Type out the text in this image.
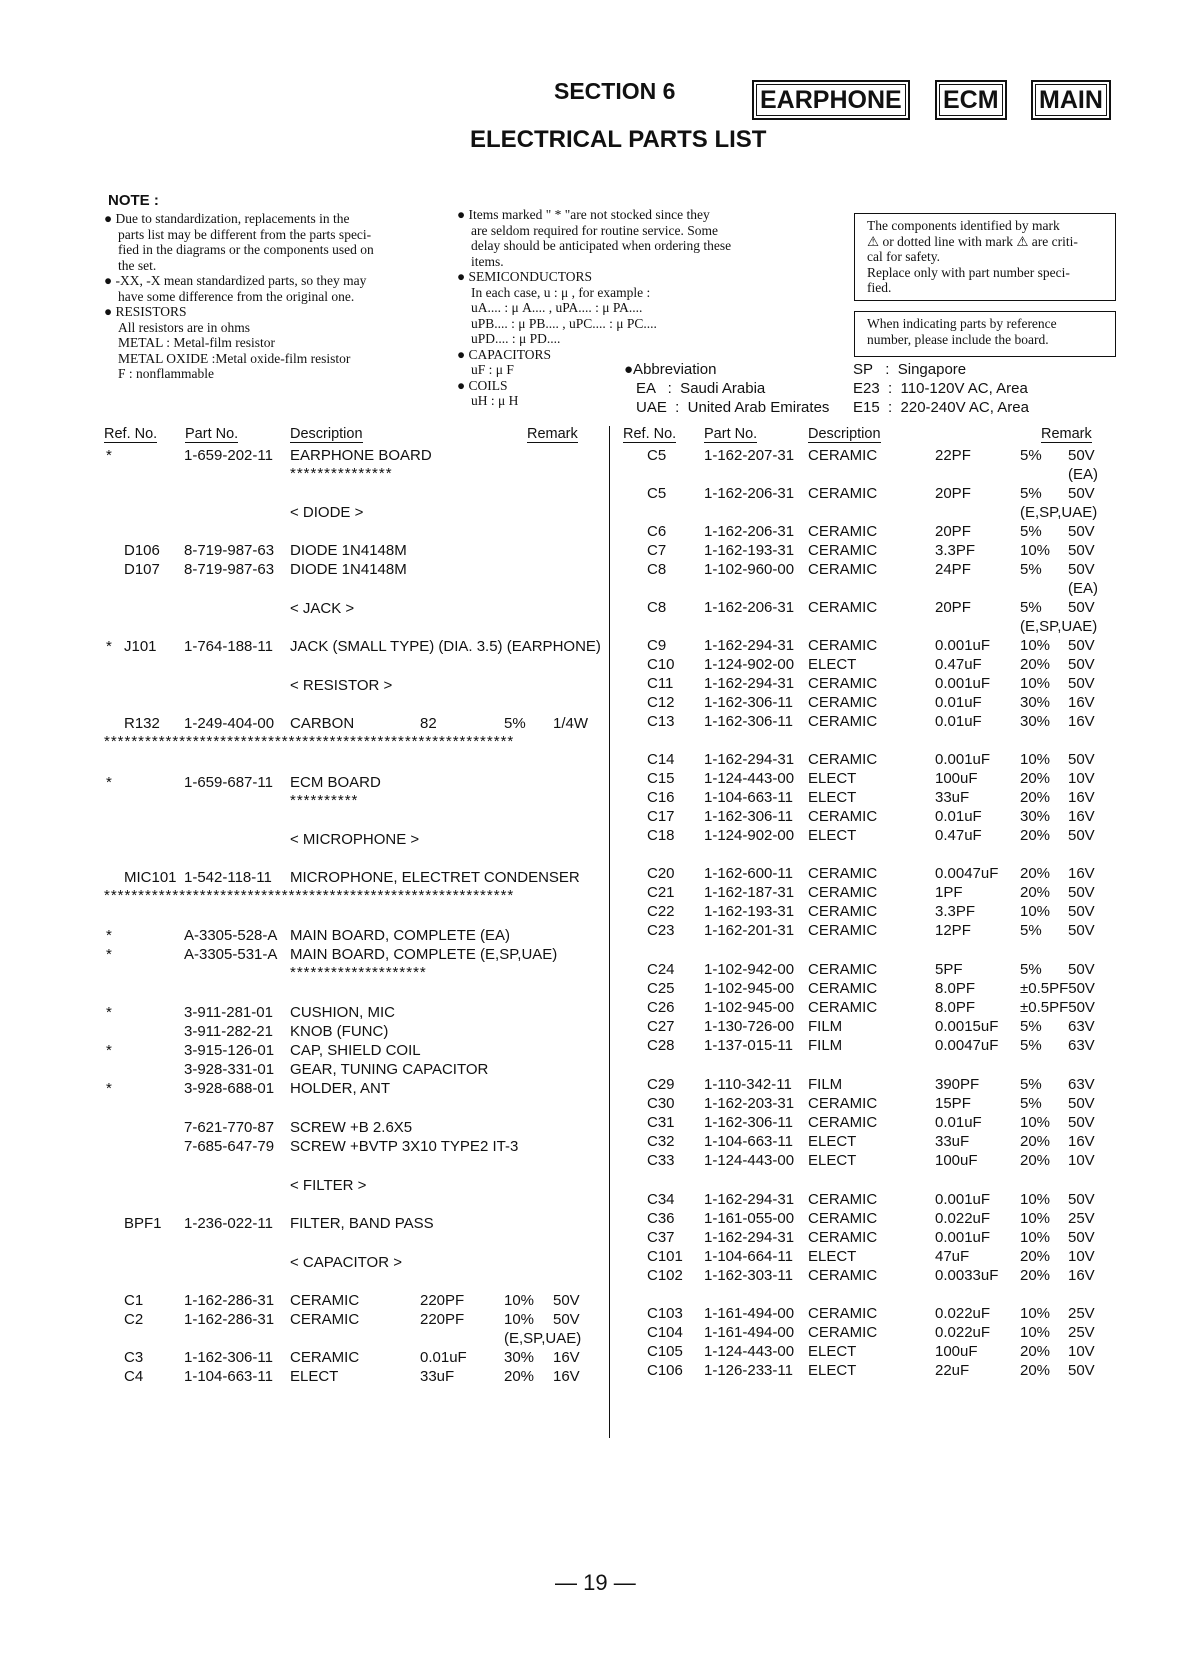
SECTION 6
ELECTRICAL PARTS LIST
EARPHONE	ECM	MAIN
NOTE :
● Due to standardization, replacements in the
parts list may be different from the parts speci-
fied in the diagrams or the components used on
the set.
● -XX, -X mean standardized parts, so they may
have some difference from the original one.
● RESISTORS
All resistors are in ohms
METAL : Metal-film resistor
METAL OXIDE :Metal oxide-film resistor
F : nonflammable
● Items marked " * "are not stocked since they
are seldom required for routine service. Some
delay should be anticipated when ordering these
items.
● SEMICONDUCTORS
In each case, u : μ , for example :
uA.... : μ A.... , uPA.... : μ PA....
uPB.... : μ PB.... , uPC.... : μ PC....
uPD.... : μ PD....
● CAPACITORS
uF : μ F
● COILS
uH : μ H
The components identified by mark
⚠ or dotted line with mark ⚠ are criti-
cal for safety.
Replace only with part number speci-
fied.
When indicating parts by reference
number, please include the board.
●Abbreviation
EA   :  Saudi Arabia
UAE  :  United Arab Emirates
SP   :  Singapore
E23  :  110-120V AC, Area
E15  :  220-240V AC, Area
Ref. No. Part No.	Description	Remark	Ref. No. Part No.	Description	Remark
*	1-659-202-11 EARPHONE BOARD
***************
< DIODE >
D106 8-719-987-63 DIODE 1N4148M
D107 8-719-987-63 DIODE 1N4148M
< JACK >
* J101 1-764-188-11 JACK (SMALL TYPE) (DIA. 3.5) (EARPHONE)
< RESISTOR >
R132 1-249-404-00 CARBON	82	5% 1/4W
************************************************************
*	1-659-687-11 ECM BOARD
**********
< MICROPHONE >
MIC101 1-542-118-11 MICROPHONE, ELECTRET CONDENSER
************************************************************
*	A-3305-528-A MAIN BOARD, COMPLETE (EA)
*	A-3305-531-A MAIN BOARD, COMPLETE (E,SP,UAE)
********************
*	3-911-281-01 CUSHION, MIC
3-911-282-21 KNOB (FUNC)
*	3-915-126-01 CAP, SHIELD COIL
3-928-331-01 GEAR, TUNING CAPACITOR
*	3-928-688-01 HOLDER, ANT
7-621-770-87 SCREW +B 2.6X5
7-685-647-79 SCREW +BVTP 3X10 TYPE2 IT-3
< FILTER >
BPF1 1-236-022-11 FILTER, BAND PASS
< CAPACITOR >
C1	1-162-286-31 CERAMIC	220PF	10% 50V
C2	1-162-286-31 CERAMIC	220PF	10% 50V
(E,SP,UAE)
C3	1-162-306-11 CERAMIC	0.01uF 30% 16V
C4	1-104-663-11 ELECT	33uF	20% 16V
C5	1-162-207-31 CERAMIC	22PF	5% 50V
(EA)
C5	1-162-206-31 CERAMIC	20PF	5% 50V
(E,SP,UAE)
C6	1-162-206-31 CERAMIC	20PF	5% 50V
C7	1-162-193-31 CERAMIC	3.3PF	10% 50V
C8	1-102-960-00 CERAMIC	24PF	5% 50V
(EA)
C8	1-162-206-31 CERAMIC	20PF	5% 50V
(E,SP,UAE)
C9	1-162-294-31 CERAMIC	0.001uF 10% 50V
C10 1-124-902-00 ELECT	0.47uF	20% 50V
C11 1-162-294-31 CERAMIC	0.001uF 10% 50V
C12 1-162-306-11 CERAMIC	0.01uF	30% 16V
C13 1-162-306-11 CERAMIC	0.01uF	30% 16V
C14 1-162-294-31 CERAMIC	0.001uF 10% 50V
C15 1-124-443-00 ELECT	100uF	20% 10V
C16 1-104-663-11 ELECT	33uF	20% 16V
C17 1-162-306-11 CERAMIC	0.01uF	30% 16V
C18 1-124-902-00 ELECT	0.47uF	20% 50V
C20 1-162-600-11 CERAMIC	0.0047uF 20% 16V
C21 1-162-187-31 CERAMIC	1PF	20% 50V
C22 1-162-193-31 CERAMIC	3.3PF	10% 50V
C23 1-162-201-31 CERAMIC	12PF	5% 50V
C24 1-102-942-00 CERAMIC	5PF	5% 50V
C25 1-102-945-00 CERAMIC	8.0PF	±0.5PF50V
C26 1-102-945-00 CERAMIC	8.0PF	±0.5PF50V
C27 1-130-726-00 FILM	0.0015uF 5% 63V
C28 1-137-015-11 FILM	0.0047uF 5% 63V
C29 1-110-342-11 FILM	390PF	5% 63V
C30 1-162-203-31 CERAMIC	15PF	5% 50V
C31 1-162-306-11 CERAMIC	0.01uF	10% 50V
C32 1-104-663-11 ELECT	33uF	20% 16V
C33 1-124-443-00 ELECT	100uF	20% 10V
C34 1-162-294-31 CERAMIC	0.001uF 10% 50V
C36 1-161-055-00 CERAMIC	0.022uF 10% 25V
C37 1-162-294-31 CERAMIC	0.001uF 10% 50V
C101 1-104-664-11 ELECT	47uF	20% 10V
C102 1-162-303-11 CERAMIC	0.0033uF 20% 16V
C103 1-161-494-00 CERAMIC	0.022uF 10% 25V
C104 1-161-494-00 CERAMIC	0.022uF 10% 25V
C105 1-124-443-00 ELECT	100uF	20% 10V
C106 1-126-233-11 ELECT	22uF	20% 50V
— 19 —
